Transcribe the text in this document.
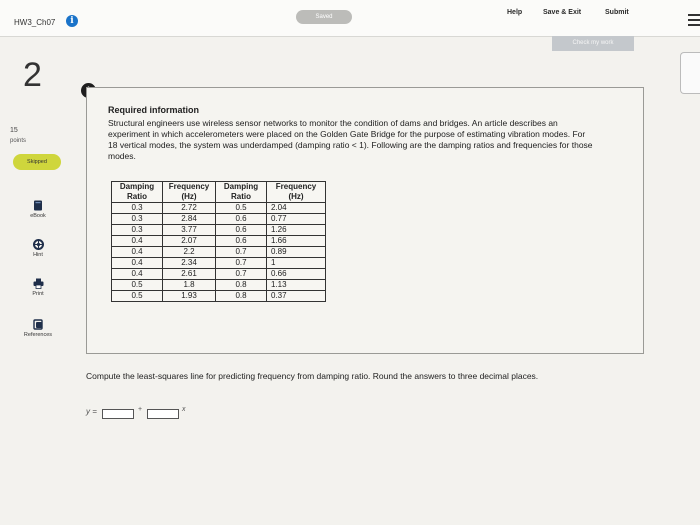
HW3_Ch07	i	Saved
Help	Save & Exit	Submit
Check my work
2
15
points
Skipped
eBook
Hint
Print
References
Required information
Structural engineers use wireless sensor networks to monitor the condition of dams and bridges. An article describes an experiment in which accelerometers were placed on the Golden Gate Bridge for the purpose of estimating vibration modes. For 18 vertical modes, the system was underdamped (damping ratio < 1). Following are the damping ratios and frequencies for those modes.
Damping Ratio	Frequency (Hz)	Damping Ratio	Frequency (Hz)
0.3	2.72	0.5	2.04
0.3	2.84	0.6	0.77
0.3	3.77	0.6	1.26
0.4	2.07	0.6	1.66
0.4	2.2	0.7	0.89
0.4	2.34	0.7	1
0.4	2.61	0.7	0.66
0.5	1.8	0.8	1.13
0.5	1.93	0.8	0.37
Compute the least-squares line for predicting frequency from damping ratio. Round the answers to three decimal places.
y =	+	x
